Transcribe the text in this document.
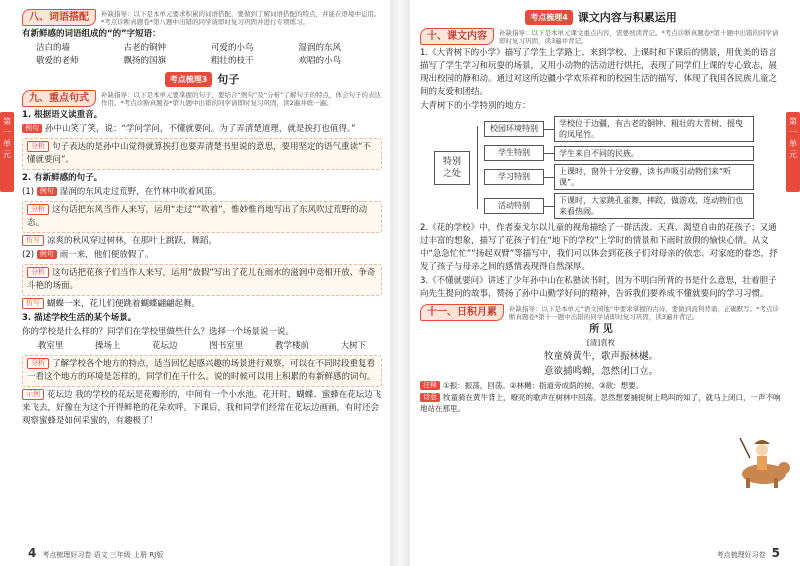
第一单元
八、词语搭配	补缺指导：以下是本单元要求积累的词语搭配，要做到了解词语搭配的特点，并能在语境中运用。*考点诊断真题卷*第八题中出错的同学请即时复习巩固并进行专项练习。
有新鲜感的词语组成的“的”字短语：
洁白的墙	古老的铜钟	可爱的小鸟	湿润的东风
敬爱的老师	飘扬的国旗	粗壮的枝干	欢唱的小鸟
考点梳理3 句子
九、重点句式	补缺指导：以下是本单元要掌握的句子，要结合“例句”及“分析”了解句子的特点，体会句子的表达作用。*考点诊断真题卷*第九题中出错的同学请即时复习巩固，读2遍并练一遍。
1. 根据语义读重音。
例句 孙中山笑了笑，说：“学问学问，不懂就要问。为了弄清楚道理，就是挨打也值得。”
分析 句子表达的是孙中山觉得就算挨打也要弄清楚书里说的意思，要用坚定的语气重读“不懂就要问”。
2. 有新鲜感的句子。
(1) 例句 湿润的东风走过荒野，在竹林中吹着风笛。
分析 这句话把东风当作人来写，运用“走过”“吹着”，惟妙惟肖地写出了东风吹过荒野的动态。
仿写 凉爽的秋风穿过树林，在那叶上跳跃，舞蹈。
(2) 例句 雨一来，他们便放假了。
分析 这句话把花孩子们当作人来写，运用“放假”写出了花儿在雨水的滋润中竞相开放、争奇斗艳的场面。
仿写 蝴蝶一来，花儿们便跳着蝴蝶翩翩起舞。
3. 描述学校生活的某个场景。
你的学校是什么样的？同学们在学校里做些什么？选择一个场景说一说。
教室里	操场上	花坛边	图书室里	教学楼前	大树下
分析 了解学校各个地方的特点，适当回忆起感兴趣的场景进行观察，可以在不同时段重复看一看这个地方的环境是怎样的，同学们在干什么。说的时候可以用上积累的有新鲜感的词句。
示例 花坛边 我的学校的花坛是花瓣形的，中间有一个小水池。花开时，蝴蝶、蜜蜂在花坛边飞来飞去，好像在为这个开得鲜艳的花朵欢呼。下课后，我和同学们经常在花坛边画画，有时还会观察蜜蜂是如何采蜜的，有趣极了！
4 考点梳理好习卷 语文 三年级 上册 RJ版
第一单元
考点梳理4 课文内容与积累运用
十、课文内容	补缺指导：以下是本单元课文重点内容，需要熟读背记。*考点诊断真题卷*第十题中出错的同学请即时复习巩固，读3遍并背记。
1.《大青树下的小学》描写了学生上学路上、来到学校、上课时和下课后的情景，用优美的语言描写了学生学习和玩耍的场景，又用小动物的活动进行烘托，表现了同学们上课的专心致志，展现出校园的静和动。通过对这所边疆小学欢乐祥和的校园生活的描写，体现了我国各民族儿童之间的友爱和团结。
大青树下的小学特别的地方：
特别之处
校园环境特别
学校位于边疆，有古老的铜钟、粗壮的大青树、摇曳的凤尾竹。
学生特别	学生来自不同的民族。
学习特别
上课时，窗外十分安静，读书声吸引动物们来“听课”。
活动特别
下课时，大家跳孔雀舞，摔跤，做游戏，连动物们也来看热闹。
2.《花的学校》中，作者泰戈尔以儿童的视角描绘了一群活泼、天真、渴望自由的花孩子；又通过丰富的想象，描写了花孩子们在“地下的学校”上学时的情景和下雨时放假的愉快心情。从文中“急急忙忙”“扬起双臂”等描写中，我们可以体会到花孩子们对母亲的依恋、对家庭的眷恋，抒发了孩子与母亲之间的感情表现得自然深厚。
3.《不懂就要问》讲述了少年孙中山在私塾读书时，因为不明白所背的书是什么意思，壮着胆子向先生提问的故事，赞扬了孙中山勤学好问的精神，告诉我们要养成不懂就要问的学习习惯。
十一、日积月累	补缺指导：以下是本单元“语文园地”中要求掌握的古诗，要做到流利背诵，正确默写。*考点诊断真题卷*第十一题中出错的同学请即时复习巩固，读3遍并背记。
所 见
[清]袁枚
牧童骑黄牛，歌声振林樾。
意欲捕鸣蝉，忽然闭口立。
注释 ①振：振荡，回荡。②林樾：指道旁成荫的树。③欲：想要。
诗意 牧童骑在黄牛背上，嘹亮的歌声在树林中回荡。忽然想要捕捉树上鸣叫的知了，就马上闭口，一声不响地站在那里。
考点梳理好习卷 5
